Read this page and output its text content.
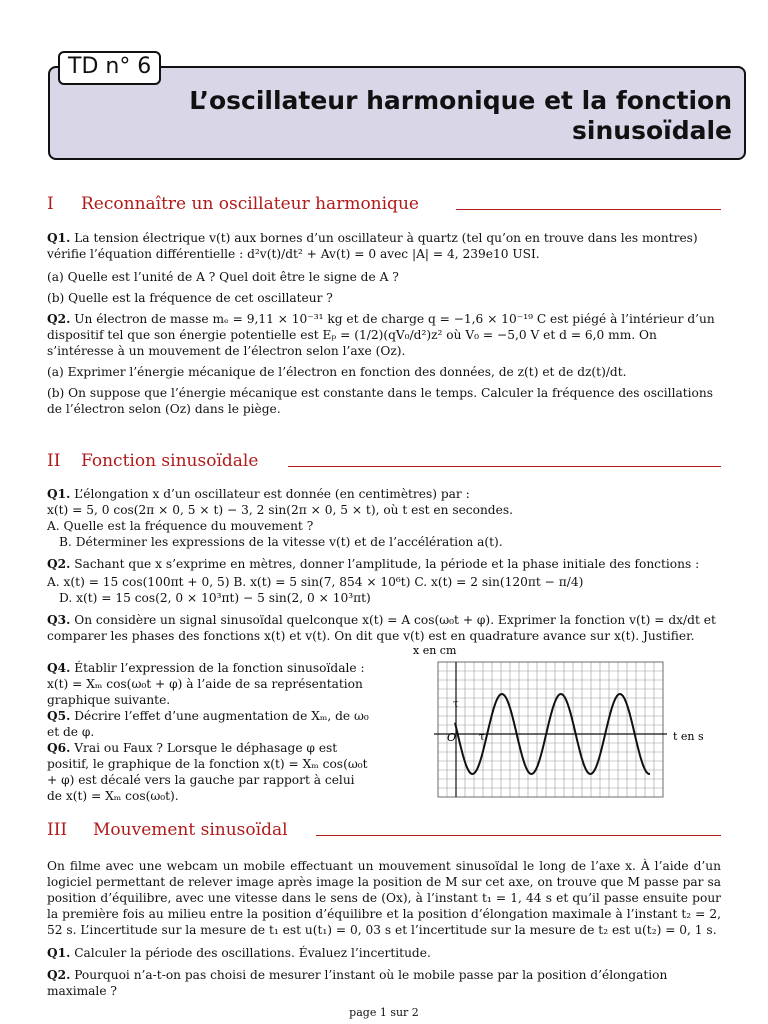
TD n° 6
L’oscillateur harmonique et la fonction
sinusoïdale
I	Reconnaître un oscillateur harmonique

Q1. La tension électrique v(t) aux bornes d’un oscillateur à quartz (tel qu’on en trouve dans les montres) vérifie l’équation différentielle : d²v(t)/dt² + Av(t) = 0 avec |A| = 4, 239e10 USI.

(a) Quelle est l’unité de A ? Quel doit être le signe de A ?

(b) Quelle est la fréquence de cet oscillateur ?

Q2. Un électron de masse mₑ = 9,11 × 10⁻³¹ kg et de charge q = −1,6 × 10⁻¹⁹ C est piégé à l’intérieur d’un dispositif tel que son énergie potentielle est Eₚ = (1/2)(qV₀/d²)z² où V₀ = −5,0 V et d = 6,0 mm. On s’intéresse à un mouvement de l’électron selon l’axe (Oz).

(a) Exprimer l’énergie mécanique de l’électron en fonction des données, de z(t) et de dz(t)/dt.

(b) On suppose que l’énergie mécanique est constante dans le temps. Calculer la fréquence des oscillations de l’électron selon (Oz) dans le piège.

II	Fonction sinusoïdale

Q1. L’élongation x d’un oscillateur est donnée (en centimètres) par :

x(t) = 5, 0 cos(2π × 0, 5 × t) − 3, 2 sin(2π × 0, 5 × t), où t est en secondes.

A. Quelle est la fréquence du mouvement ?

B. Déterminer les expressions de la vitesse v(t) et de l’accélération a(t).

Q2. Sachant que x s’exprime en mètres, donner l’amplitude, la période et la phase initiale des fonctions :

A. x(t) = 15 cos(100πt + 0, 5) B. x(t) = 5 sin(7, 854 × 10⁶t) C. x(t) = 2 sin(120πt − π/4)

D. x(t) = 15 cos(2, 0 × 10³πt) − 5 sin(2, 0 × 10³πt)

Q3. On considère un signal sinusoïdal quelconque x(t) = A cos(ω₀t + φ). Exprimer la fonction v(t) = dx/dt et comparer les phases des fonctions x(t) et v(t). On dit que v(t) est en quadrature avance sur x(t). Justifier.

Q4. Établir l’expression de la fonction sinusoïdale : x(t) = Xₘ cos(ω₀t + φ) à l’aide de sa représentation graphique suivante.

Q5. Décrire l’effet d’une augmentation de Xₘ, de ω₀ et de φ.

Q6. Vrai ou Faux ? Lorsque le déphasage φ est positif, le graphique de la fonction x(t) = Xₘ cos(ω₀t + φ) est décalé vers la gauche par rapport à celui de x(t) = Xₘ cos(ω₀t).

x en cm
t en s
O τ
τ
III	Mouvement sinusoïdal

On filme avec une webcam un mobile effectuant un mouvement sinusoïdal le long de l’axe x. À l’aide d’un logiciel permettant de relever image après image la position de M sur cet axe, on trouve que M passe par sa position d’équilibre, avec une vitesse dans le sens de (Ox), à l’instant t₁ = 1, 44 s et qu’il passe ensuite pour la première fois au milieu entre la position d’équilibre et la position d’élongation maximale à l’instant t₂ = 2, 52 s. L’incertitude sur la mesure de t₁ est u(t₁) = 0, 03 s et l’incertitude sur la mesure de t₂ est u(t₂) = 0, 1 s.

Q1. Calculer la période des oscillations. Évaluez l’incertitude.

Q2. Pourquoi n’a-t-on pas choisi de mesurer l’instant où le mobile passe par la position d’élongation maximale ?

page 1 sur 2
